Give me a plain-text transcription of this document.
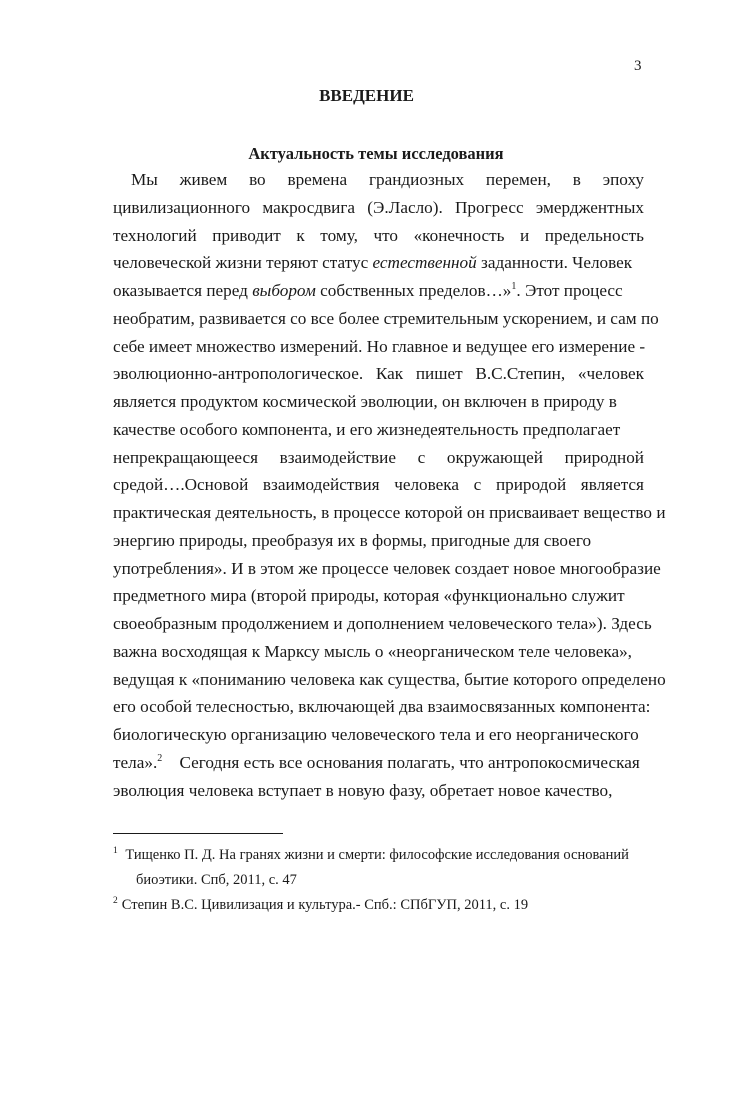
3
ВВЕДЕНИЕ
Актуальность темы исследования
Мы живем во времена грандиозных перемен, в эпоху
цивилизационного макросдвига (Э.Ласло). Прогресс эмерджентных
технологий приводит к тому, что «конечность и предельность
человеческой жизни теряют статус естественной заданности. Человек
оказывается перед выбором собственных пределов…»$^1$. Этот процесс
необратим, развивается со все более стремительным ускорением, и сам по
себе имеет множество измерений. Но главное и ведущее его измерение -
эволюционно-антропологическое. Как пишет В.С.Степин, «человек
является продуктом космической эволюции, он включен в природу в
качестве особого компонента, и его жизнедеятельность предполагает
непрекращающееся взаимодействие с окружающей природной
средой….Основой взаимодействия человека с природой является
практическая деятельность, в процессе которой он присваивает вещество и
энергию природы, преобразуя их в формы, пригодные для своего
употребления». И в этом же процессе человек создает новое многообразие
предметного мира (второй природы, которая «функционально служит
своеобразным продолжением и дополнением человеческого тела»). Здесь
важна восходящая к Марксу мысль о «неорганическом теле человека»,
ведущая к «пониманию человека как существа, бытие которого определено
его особой телесностью, включающей два взаимосвязанных компонента:
биологическую организацию человеческого тела и его неорганического
тела».$^2$    Сегодня есть все основания полагать, что антропокосмическая
эволюция человека вступает в новую фазу, обретает новое качество,
$^1$ Тищенко П. Д. На гранях жизни и смерти: философские исследования оснований
биоэтики. Спб, 2011, с. 47
$^2$ Степин В.С. Цивилизация и культура.- Спб.: СПбГУП, 2011, с. 19
